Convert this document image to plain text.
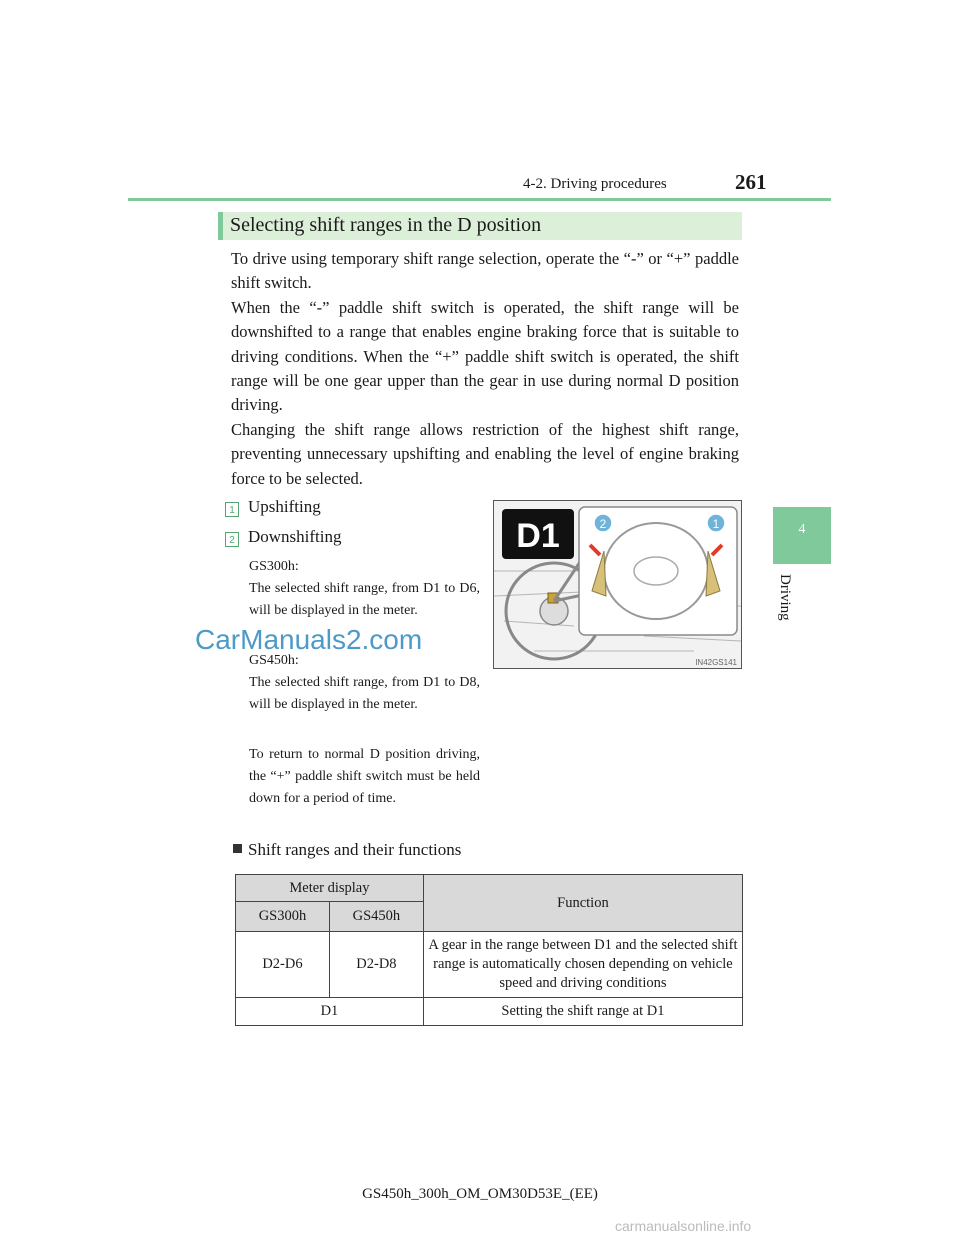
4-2. Driving procedures	261
4
Driving
Selecting shift ranges in the D position
To drive using temporary shift range selection, operate the “-” or “+” paddle shift switch.
When the “-” paddle shift switch is operated, the shift range will be downshifted to a range that enables engine braking force that is suitable to driving conditions. When the “+” paddle shift switch is operated, the shift range will be one gear upper than the gear in use during normal D position driving.
Changing the shift range allows restriction of the highest shift range, preventing unnecessary upshifting and enabling the level of engine braking force to be selected.
1 Upshifting
2 Downshifting
GS300h:
The selected shift range, from D1 to D6, will be displayed in the meter.
GS450h:
The selected shift range, from D1 to D8, will be displayed in the meter.
To return to normal D position driving, the “+” paddle shift switch must be held down for a period of time.
D1	2	1
IN42GS141
CarManuals2.com
Shift ranges and their functions
Meter display		Function
GS300h	GS450h	
D2-D6	D2-D8	A gear in the range between D1 and the selected shift range is automatically chosen depending on vehicle speed and driving conditions
D1		Setting the shift range at D1
GS450h_300h_OM_OM30D53E_(EE)
carmanualsonline.info
